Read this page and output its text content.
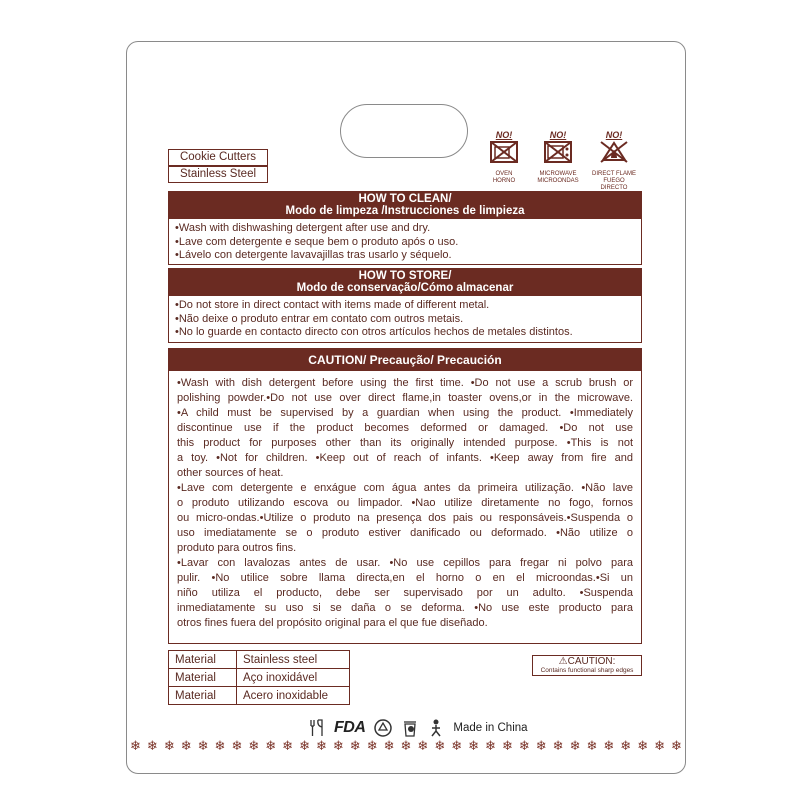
Cookie Cutters
Stainless Steel
NO!
OVEN
HORNO
NO!
MICROWAVE
MICROONDAS
NO!
DIRECT FLAME
FUEGO DIRECTO
HOW TO CLEAN/
Modo de limpeza /Instrucciones de limpieza
•Wash with dishwashing detergent after use and dry.
•Lave com detergente e seque bem o produto após o uso.
•Lávelo con detergente lavavajillas tras usarlo y séquelo.
HOW TO STORE/
Modo de conservação/Cómo almacenar
•Do not store in direct contact with items made of different metal.
•Não deixe o produto entrar em contato com outros metais.
•No lo guarde en contacto directo con otros artículos hechos de metales distintos.
CAUTION/ Precaução/ Precaución
•Wash with dish detergent before using the first time. •Do not use a scrub brush or
polishing powder.•Do not use over direct flame,in toaster ovens,or in the microwave.
•A child must be supervised by a guardian when using the product. •Immediately
discontinue use if the product becomes deformed or damaged. •Do not use
this product for purposes other than its originally intended purpose. •This is not
a toy. •Not for children. •Keep out of reach of infants. •Keep away from fire and
other sources of heat.
•Lave com detergente e enxágue com água antes da primeira utilização. •Não lave
o produto utilizando escova ou limpador. •Nao utilize diretamente no fogo, fornos
ou micro-ondas.•Utilize o produto na presença dos pais ou responsáveis.•Suspenda o
uso imediatamente se o produto estiver danificado ou deformado. •Não utilize o
produto para outros fins.
•Lavar con lavalozas antes de usar. •No use cepillos para fregar ni polvo para
pulir. •No utilice sobre llama directa,en el horno o en el microondas.•Si un
niño utiliza el producto, debe ser supervisado por un adulto. •Suspenda
inmediatamente su uso si se daña o se deforma. •No use este producto para
otros fines fuera del propósito original para el que fue diseñado.
Material	Stainless steel
Material	Aço inoxidável
Material	Acero inoxidable
⚠CAUTION:
Contains functional sharp edges
FDA	Made in China
❄ ❄ ❄ ❄ ❄ ❄ ❄ ❄ ❄ ❄ ❄ ❄ ❄ ❄ ❄ ❄ ❄ ❄ ❄ ❄ ❄ ❄ ❄ ❄ ❄ ❄ ❄ ❄ ❄ ❄ ❄ ❄ ❄
